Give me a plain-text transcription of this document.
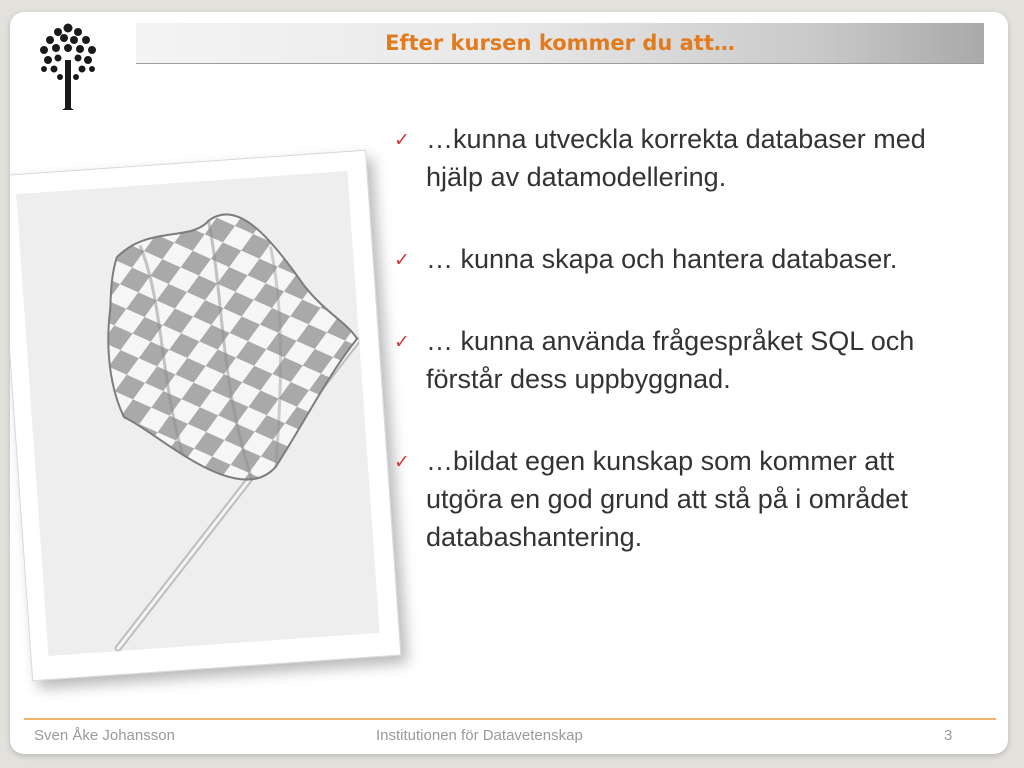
Efter kursen kommer du att…
✓ …kunna utveckla korrekta databaser med hjälp av datamodellering.
✓ … kunna skapa och hantera databaser.
✓ … kunna använda frågespråket SQL och förstår dess uppbyggnad.
✓ …bildat egen kunskap som kommer att utgöra en god grund att stå på i området databashantering.
Sven Åke Johansson	Institutionen för Datavetenskap	3
